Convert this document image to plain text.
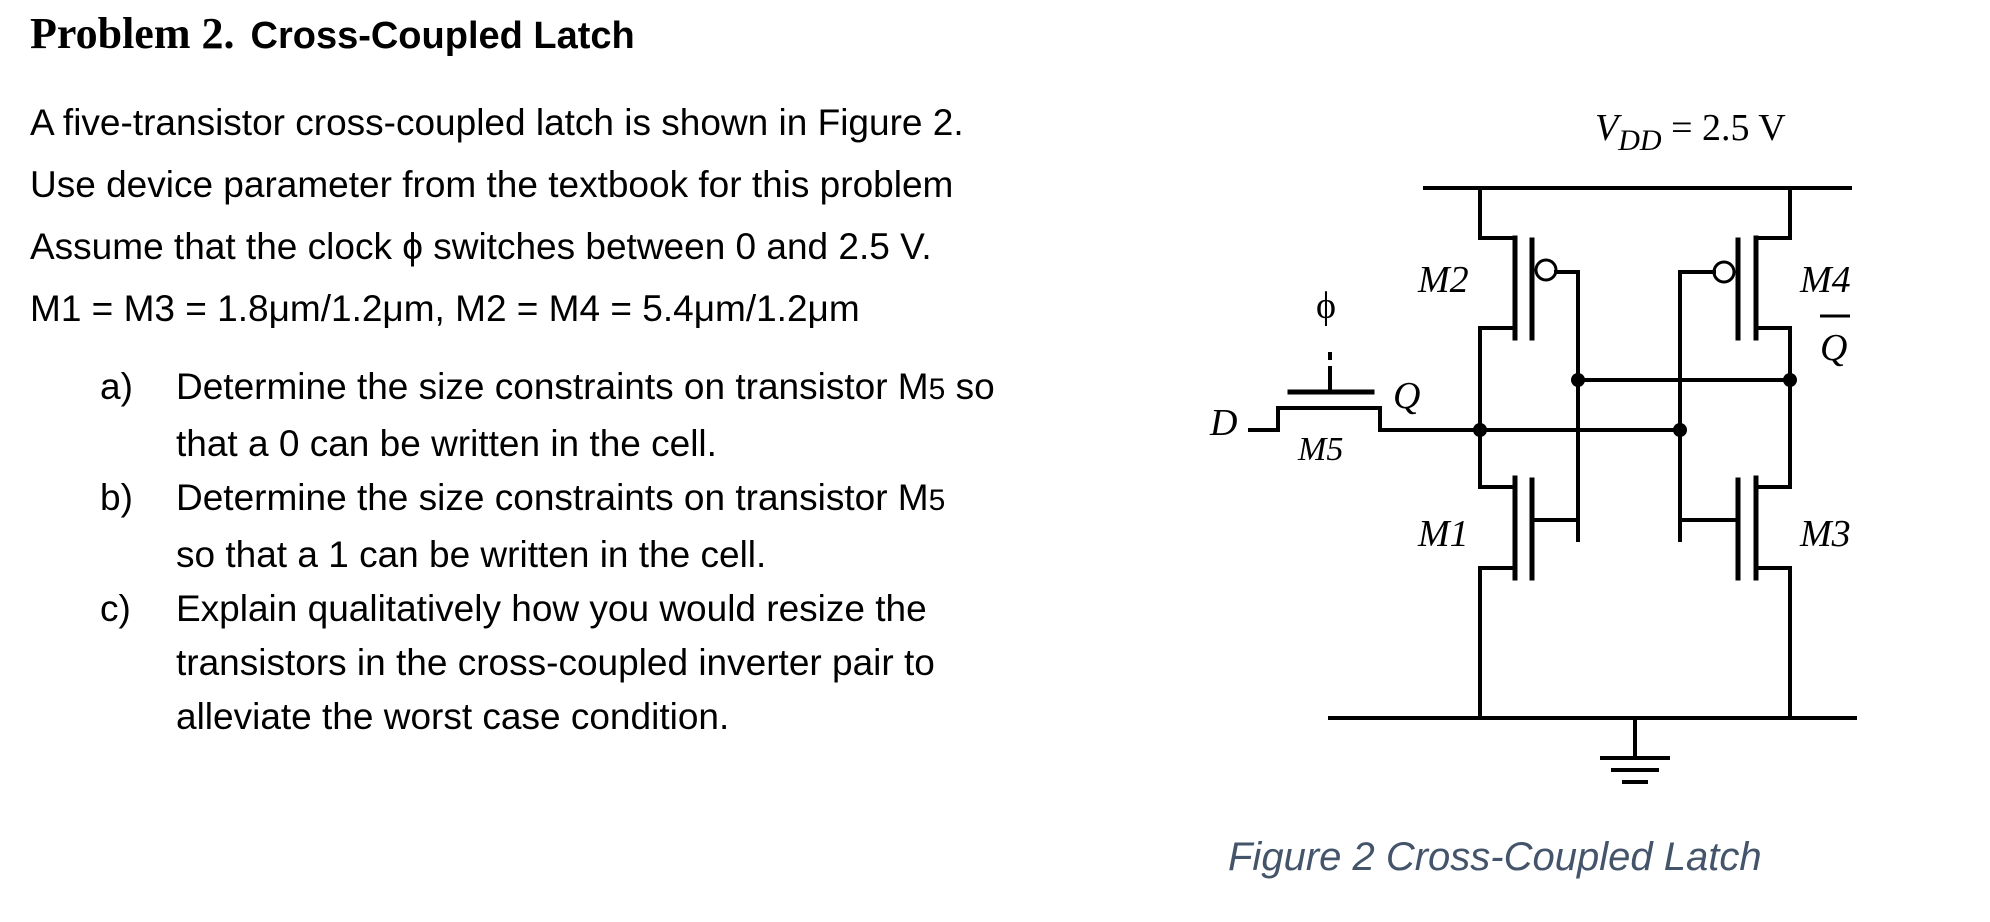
Problem 2. Cross-Coupled Latch
A five-transistor cross-coupled latch is shown in Figure 2.
Use device parameter from the textbook for this problem
Assume that the clock ϕ switches between 0 and 2.5 V.
M1 = M3 = 1.8μm/1.2μm, M2 = M4 = 5.4μm/1.2μm
a) Determine the size constraints on transistor M5 so
that a 0 can be written in the cell.
b) Determine the size constraints on transistor M5
so that a 1 can be written in the cell.
c) Explain qualitatively how you would resize the
transistors in the cross-coupled inverter pair to
alleviate the worst case condition.
$V_{DD} = 2.5$ V
M2	M4
M1	M3
M5
Q
Q
D
ϕ
Figure 2 Cross-Coupled Latch
